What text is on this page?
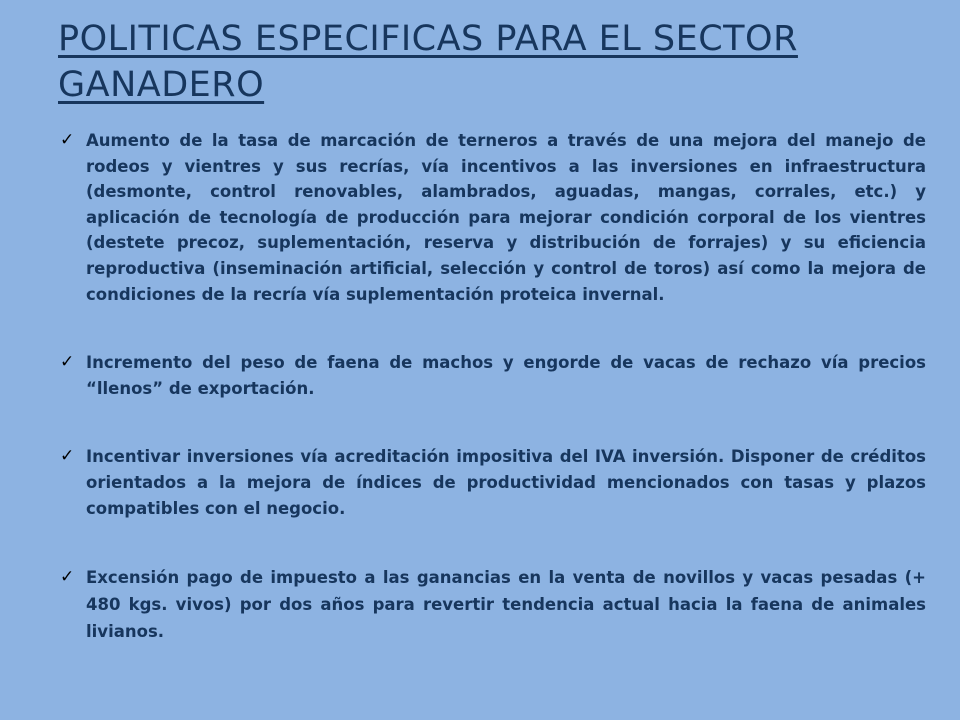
POLITICAS ESPECIFICAS PARA EL SECTOR GANADERO
✓ Aumento de la tasa de marcación de terneros a través de una mejora del manejo de rodeos y vientres y sus recrías, vía incentivos a las inversiones en infraestructura (desmonte, control renovables, alambrados, aguadas, mangas, corrales, etc.) y aplicación de tecnología de producción para mejorar condición corporal de los vientres (destete precoz, suplementación, reserva y distribución de forrajes) y su eficiencia reproductiva (inseminación artificial, selección y control de toros) así como la mejora de condiciones de la recría vía suplementación proteica invernal.
✓ Incremento del peso de faena de machos y engorde de vacas de rechazo vía precios “llenos” de exportación.
✓ Incentivar inversiones vía acreditación impositiva del IVA inversión. Disponer de créditos orientados a la mejora de índices de productividad mencionados con tasas y plazos compatibles con el negocio.
✓ Excensión pago de impuesto a las ganancias en la venta de novillos y vacas pesadas (+ 480 kgs. vivos) por dos años para revertir tendencia actual hacia la faena de animales livianos.
